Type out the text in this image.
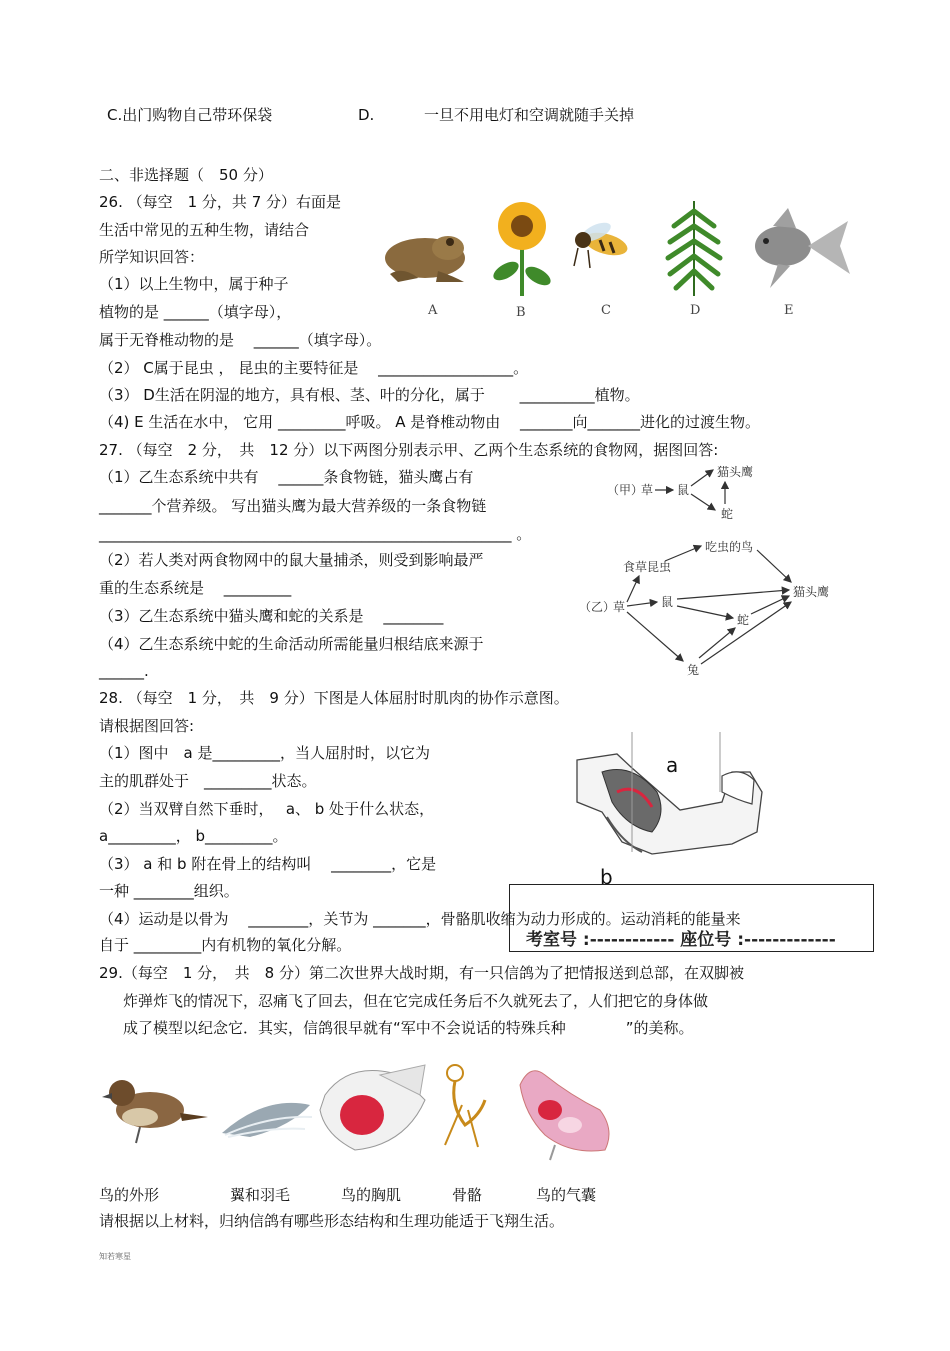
C.出门购物自己带环保袋	D.	一旦不用电灯和空调就随手关掉
二、非选择题（　50 分）
26. （每空　1 分，共 7 分）右面是
生活中常见的五种生物，请结合
所学知识回答：
（1）以上生物中，属于种子
植物的是 ______（填字母），
属于无脊椎动物的是　 ______（填字母）。
（2） C属于昆虫 ， 昆虫的主要特征是　 __________________。
（3） D生活在阴湿的地方，具有根、茎、叶的分化，属于　　 __________植物。
（4) E 生活在水中， 它用 _________呼吸。 A 是脊椎动物由　 _______向_______进化的过渡生物。
27. （每空　2 分，　共　12 分）以下两图分别表示甲、乙两个生态系统的食物网，据图回答:
（1）乙生态系统中共有　 ______条食物链，猫头鹰占有
_______个营养级。 写出猫头鹰为最大营养级的一条食物链
_______________________________________________________ 。
（2）若人类对两食物网中的鼠大量捕杀，则受到影响最严
重的生态系统是　 _________
（3）乙生态系统中猫头鹰和蛇的关系是　 ________
（4）乙生态系统中蛇的生命活动所需能量归根结底来源于
______.
28. （每空　1 分，　共　9 分）下图是人体屈肘时肌肉的协作示意图。
请根据图回答:
（1）图中　a 是_________，当人屈肘时，以它为
主的肌群处于　_________状态。
（2）当双臂自然下垂时，　 a、 b 处于什么状态，
a_________， b_________。
（3） a 和 b 附在骨上的结构叫　 ________，它是
一种 ________组织。
（4）运动是以骨为　 ________，关节为 _______，骨骼肌收缩为动力形成的。运动消耗的能量来
自于 _________内有机物的氧化分解。
29.（每空　1 分，　共　8 分）第二次世界大战时期，有一只信鸽为了把情报送到总部，在双脚被
炸弹炸飞的情况下，忍痛飞了回去，但在它完成任务后不久就死去了，人们把它的身体做
成了模型以纪念它．其实，信鸽很早就有“军中不会说话的特殊兵种　　　　”的美称。
请根据以上材料，归纳信鸽有哪些形态结构和生理功能适于飞翔生活。
知若寒星
A	B	C	D	E
（甲）
草 鼠
猫头鹰
蛇
（乙）
草
食草昆虫
吃虫的鸟
鼠
猫头鹰
蛇
兔
a
b
考室号 :------------ 座位号 :-------------
鸟的外形	翼和羽毛	鸟的胸肌	骨骼	鸟的气囊
